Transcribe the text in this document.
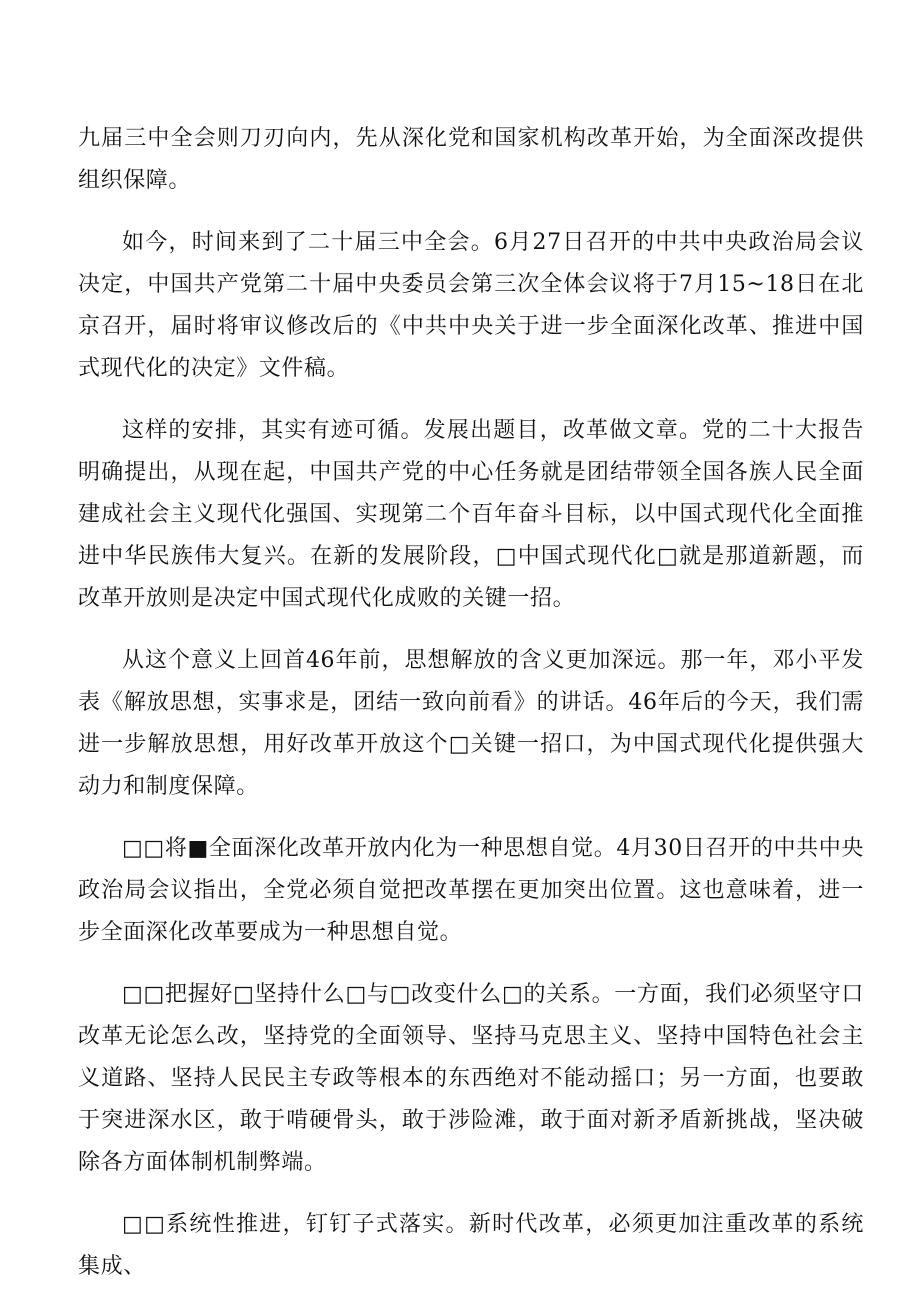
九届三中全会则刀刃向内，先从深化党和国家机构改革开始，为全面深改提供组织保障。

如今，时间来到了二十届三中全会。6月27日召开的中共中央政治局会议决定，中国共产党第二十届中央委员会第三次全体会议将于7月15~18日在北京召开，届时将审议修改后的《中共中央关于进一步全面深化改革、推进中国式现代化的决定》文件稿。

这样的安排，其实有迹可循。发展出题目，改革做文章。党的二十大报告明确提出，从现在起，中国共产党的中心任务就是团结带领全国各族人民全面建成社会主义现代化强国、实现第二个百年奋斗目标，以中国式现代化全面推进中华民族伟大复兴。在新的发展阶段，□中国式现代化□就是那道新题，而改革开放则是决定中国式现代化成败的关键一招。

从这个意义上回首46年前，思想解放的含义更加深远。那一年，邓小平发表《解放思想，实事求是，团结一致向前看》的讲话。46年后的今天，我们需进一步解放思想，用好改革开放这个□关键一招口，为中国式现代化提供强大动力和制度保障。

□□将■全面深化改革开放内化为一种思想自觉。4月30日召开的中共中央政治局会议指出，全党必须自觉把改革摆在更加突出位置。这也意味着，进一步全面深化改革要成为一种思想自觉。

□□把握好□坚持什么□与□改变什么□的关系。一方面，我们必须坚守口改革无论怎么改，坚持党的全面领导、坚持马克思主义、坚持中国特色社会主义道路、坚持人民民主专政等根本的东西绝对不能动摇口；另一方面，也要敢于突进深水区，敢于啃硬骨头，敢于涉险滩，敢于面对新矛盾新挑战，坚决破除各方面体制机制弊端。

□□系统性推进，钉钉子式落实。新时代改革，必须更加注重改革的系统集成、
